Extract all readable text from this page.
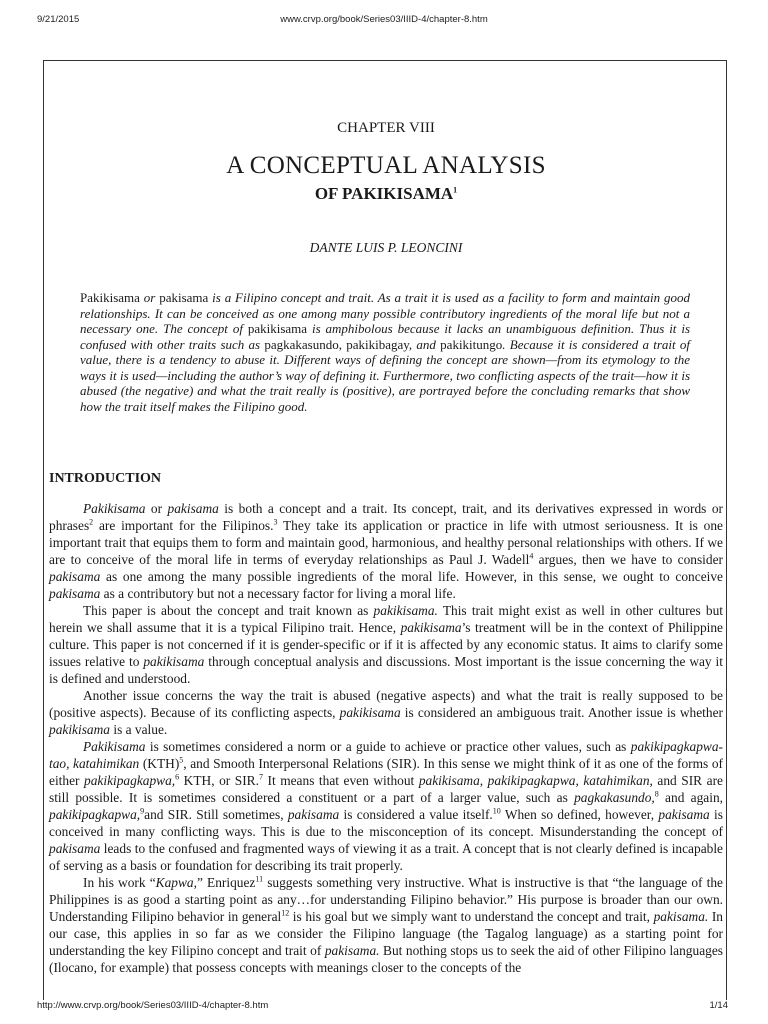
9/21/2015	www.crvp.org/book/Series03/IIID-4/chapter-8.htm
CHAPTER VIII
A CONCEPTUAL ANALYSIS
OF PAKIKISAMA$^1$
DANTE LUIS P. LEONCINI
Pakikisama or pakisama is a Filipino concept and trait. As a trait it is used as a facility to form and maintain good relationships. It can be conceived as one among many possible contributory ingredients of the moral life but not a necessary one. The concept of pakikisama is amphibolous because it lacks an unambiguous definition. Thus it is confused with other traits such as pagkakasundo, pakikibagay, and pakikitungo. Because it is considered a trait of value, there is a tendency to abuse it. Different ways of defining the concept are shown—from its etymology to the ways it is used—including the author’s way of defining it. Furthermore, two conflicting aspects of the trait—how it is abused (the negative) and what the trait really is (positive), are portrayed before the concluding remarks that show how the trait itself makes the Filipino good.
INTRODUCTION

Pakikisama or pakisama is both a concept and a trait. Its concept, trait, and its derivatives expressed in words or phrases$^2$ are important for the Filipinos.$^3$ They take its application or practice in life with utmost seriousness. It is one important trait that equips them to form and maintain good, harmonious, and healthy personal relationships with others. If we are to conceive of the moral life in terms of everyday relationships as Paul J. Wadell$^4$ argues, then we have to consider pakisama as one among the many possible ingredients of the moral life. However, in this sense, we ought to conceive pakisama as a contributory but not a necessary factor for living a moral life.

This paper is about the concept and trait known as pakikisama. This trait might exist as well in other cultures but herein we shall assume that it is a typical Filipino trait. Hence, pakikisama’s treatment will be in the context of Philippine culture. This paper is not concerned if it is gender-specific or if it is affected by any economic status. It aims to clarify some issues relative to pakikisama through conceptual analysis and discussions. Most important is the issue concerning the way it is defined and understood.

Another issue concerns the way the trait is abused (negative aspects) and what the trait is really supposed to be (positive aspects). Because of its conflicting aspects, pakikisama is considered an ambiguous trait. Another issue is whether pakikisama is a value.

Pakikisama is sometimes considered a norm or a guide to achieve or practice other values, such as pakikipagkapwa-tao, katahimikan (KTH)$^5$, and Smooth Interpersonal Relations (SIR). In this sense we might think of it as one of the forms of either pakikipagkapwa,$^6$ KTH, or SIR.$^7$ It means that even without pakikisama, pakikipagkapwa, katahimikan, and SIR are still possible. It is sometimes considered a constituent or a part of a larger value, such as pagkakasundo,$^8$ and again, pakikipagkapwa,$^9$and SIR. Still sometimes, pakisama is considered a value itself.$^{10}$ When so defined, however, pakisama is conceived in many conflicting ways. This is due to the misconception of its concept. Misunderstanding the concept of pakisama leads to the confused and fragmented ways of viewing it as a trait. A concept that is not clearly defined is incapable of serving as a basis or foundation for describing its trait properly.

In his work “Kapwa,” Enriquez$^{11}$ suggests something very instructive. What is instructive is that “the language of the Philippines is as good a starting point as any…for understanding Filipino behavior.” His purpose is broader than our own. Understanding Filipino behavior in general$^{12}$ is his goal but we simply want to understand the concept and trait, pakisama. In our case, this applies in so far as we consider the Filipino language (the Tagalog language) as a starting point for understanding the key Filipino concept and trait of pakisama. But nothing stops us to seek the aid of other Filipino languages (Ilocano, for example) that possess concepts with meanings closer to the concepts of the

http://www.crvp.org/book/Series03/IIID-4/chapter-8.htm	1/14
